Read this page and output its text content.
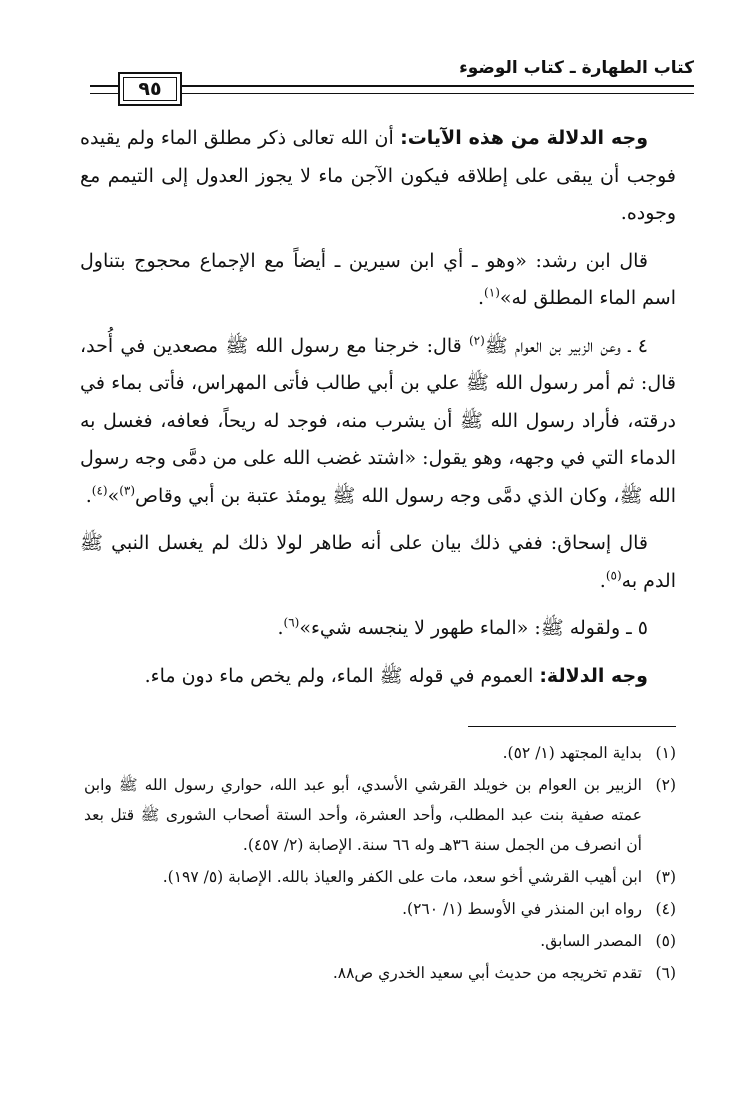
كتاب الطهارة ـ كتاب الوضوء
٩٥

وجه الدلالة من هذه الآيات: أن الله تعالى ذكر مطلق الماء ولم يقيده فوجب أن يبقى على إطلاقه فيكون الآجن ماء لا يجوز العدول إلى التيمم مع وجوده.

قال ابن رشد: «وهو ـ أي ابن سيرين ـ أيضاً مع الإجماع محجوج بتناول اسم الماء المطلق له»$^{(١)}$.

٤ ـ وعن الزبير بن العوام ﷺ$^{(٢)}$ قال: خرجنا مع رسول الله ﷺ مصعدين في أُحد، قال: ثم أمر رسول الله ﷺ علي بن أبي طالب فأتى المهراس، فأتى بماء في درقته، فأراد رسول الله ﷺ أن يشرب منه، فوجد له ريحاً، فعافه، فغسل به الدماء التي في وجهه، وهو يقول: «اشتد غضب الله على من دمَّى وجه رسول الله ﷺ، وكان الذي دمَّى وجه رسول الله ﷺ يومئذ عتبة بن أبي وقاص$^{(٣)}$»$^{(٤)}$.

قال إسحاق: ففي ذلك بيان على أنه طاهر لولا ذلك لم يغسل النبي ﷺ الدم به$^{(٥)}$.

٥ ـ ولقوله ﷺ: «الماء طهور لا ينجسه شيء»$^{(٦)}$.

وجه الدلالة: العموم في قوله ﷺ الماء، ولم يخص ماء دون ماء.

(١)
بداية المجتهد (١/ ٥٢).
(٢)
الزبير بن العوام بن خويلد القرشي الأسدي، أبو عبد الله، حواري رسول الله ﷺ وابن عمته صفية بنت عبد المطلب، وأحد العشرة، وأحد الستة أصحاب الشورى ﷺ قتل بعد أن انصرف من الجمل سنة ٣٦هـ وله ٦٦ سنة. الإصابة (٢/ ٤٥٧).
(٣)
ابن أهيب القرشي أخو سعد، مات على الكفر والعياذ بالله. الإصابة (٥/ ١٩٧).
(٤)
رواه ابن المنذر في الأوسط (١/ ٢٦٠).
(٥)
المصدر السابق.
(٦)
تقدم تخريجه من حديث أبي سعيد الخدري ص٨٨.
